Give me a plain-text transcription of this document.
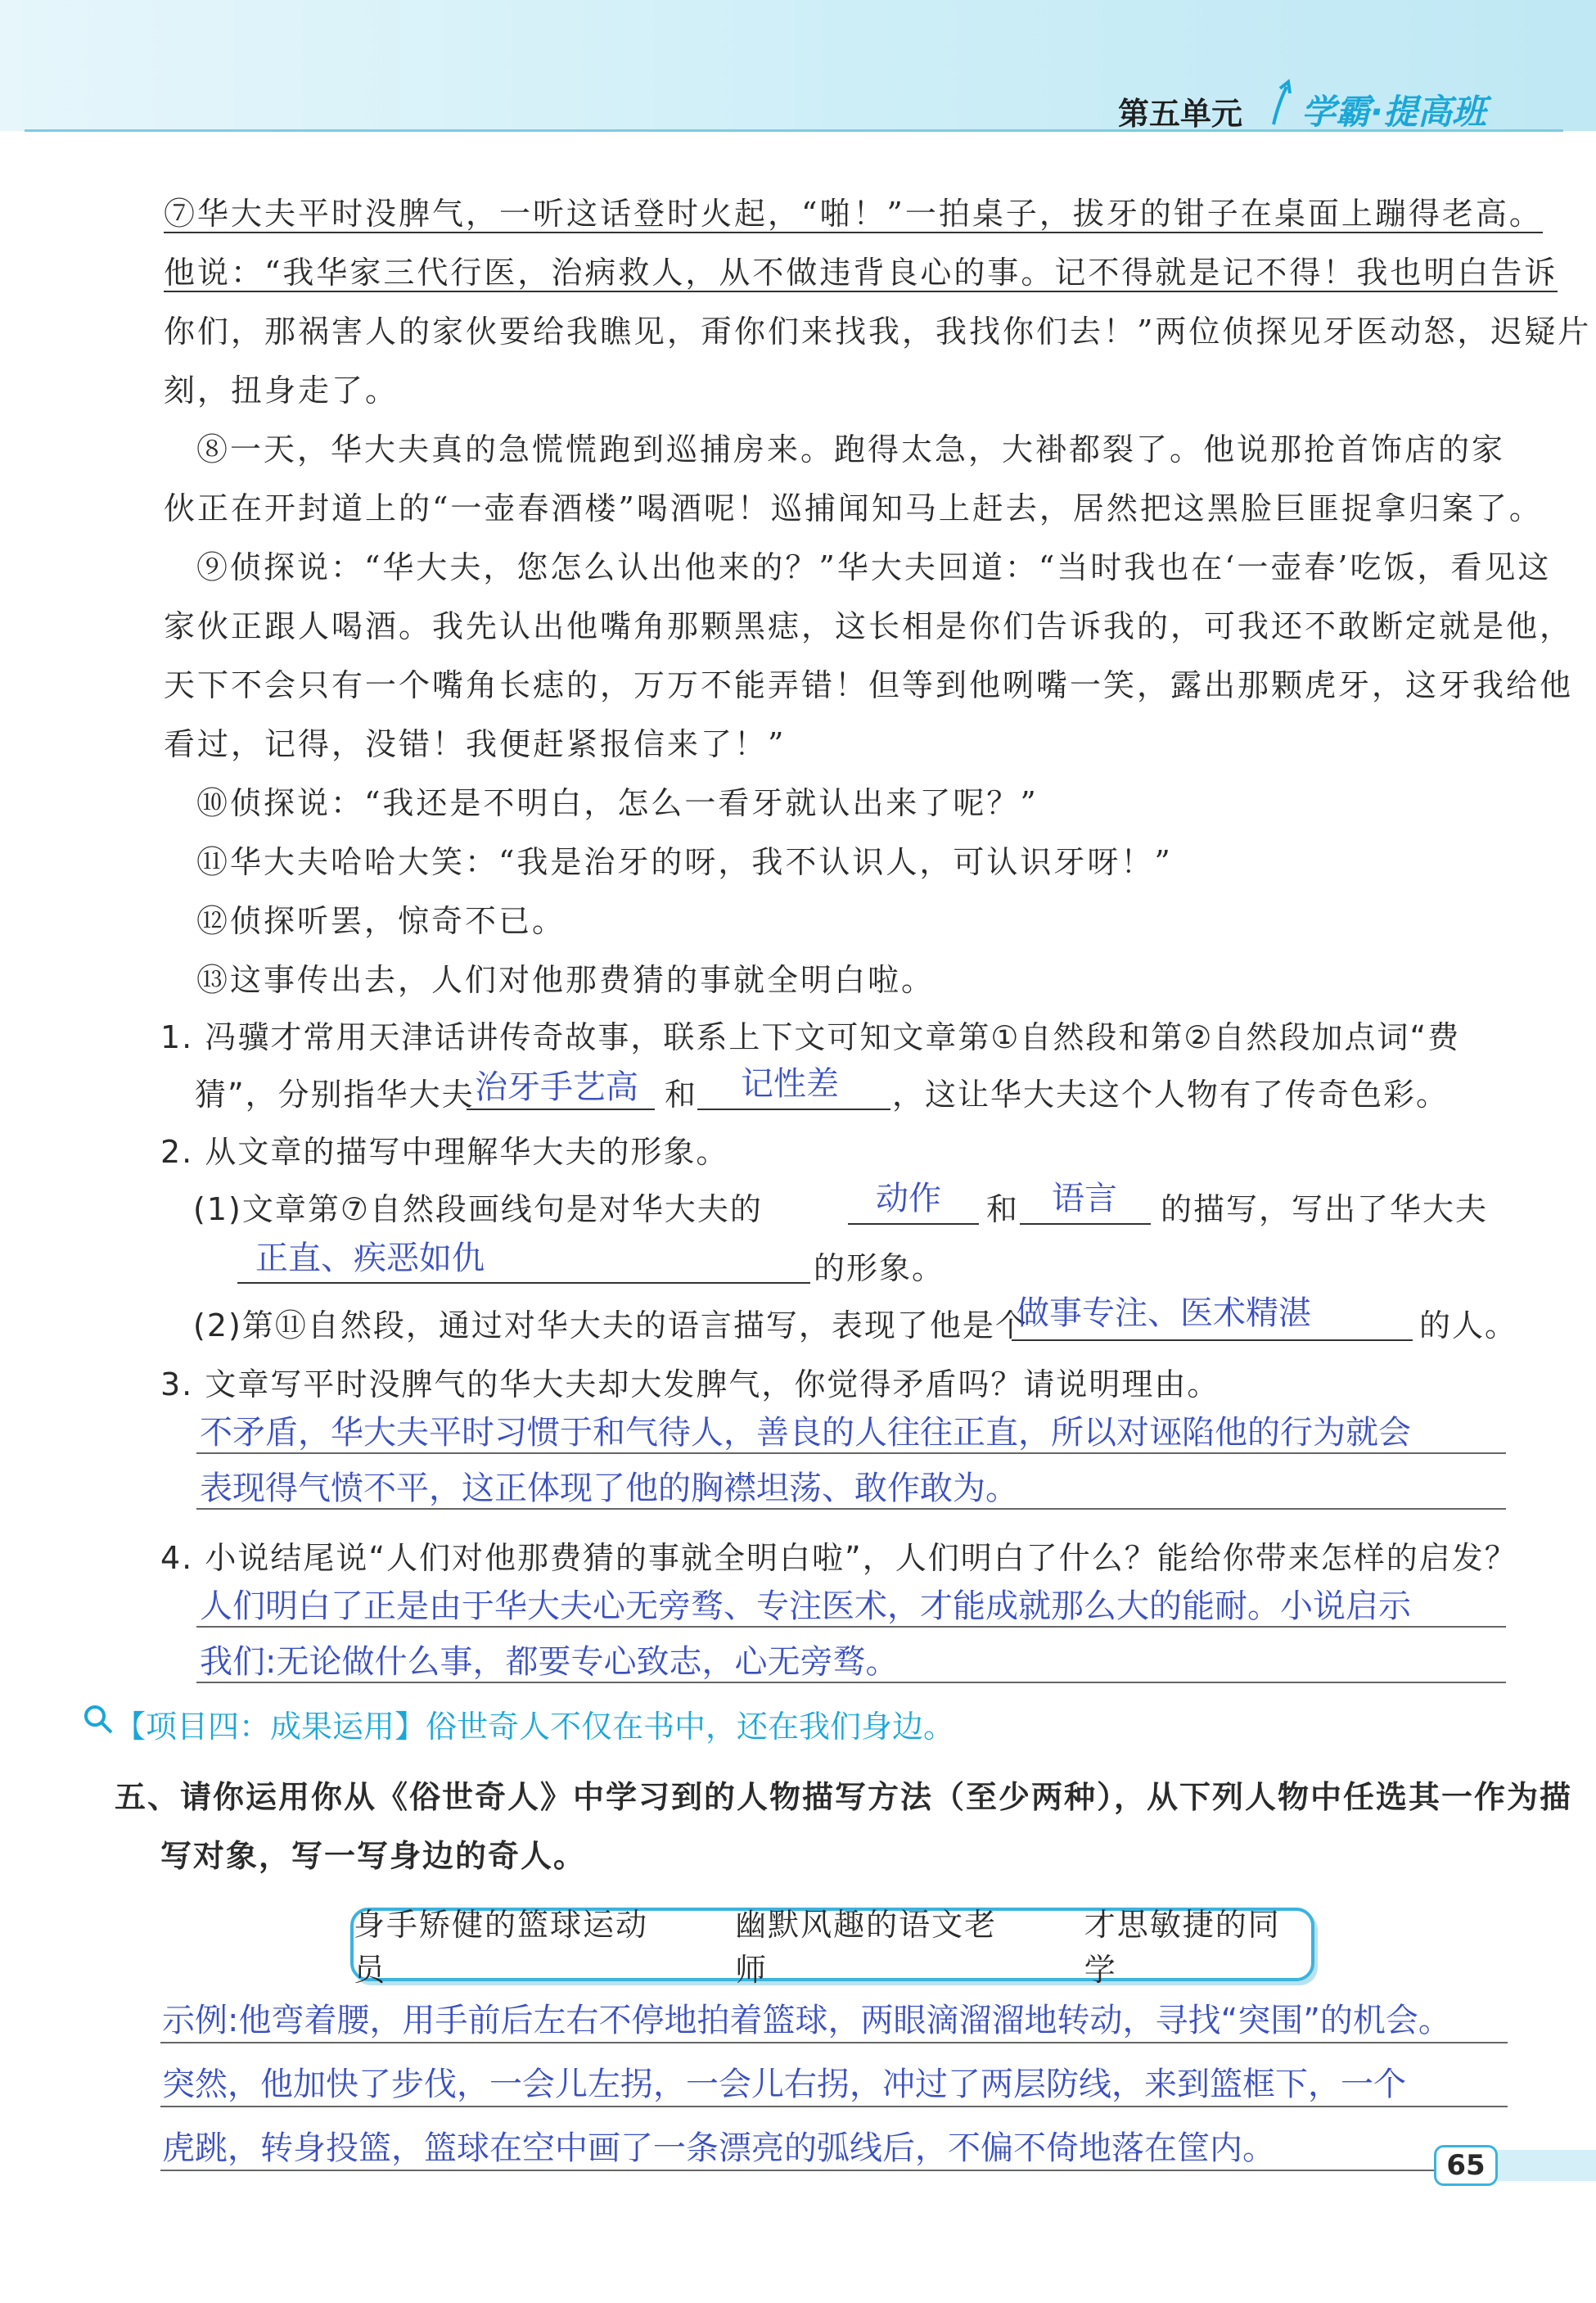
第五单元 学霸·提高班
⑦华大夫平时没脾气，一听这话登时火起，“啪！”一拍桌子，拔牙的钳子在桌面上蹦得老高。
他说：“我华家三代行医，治病救人，从不做违背良心的事。记不得就是记不得！我也明白告诉
你们，那祸害人的家伙要给我瞧见，甭你们来找我，我找你们去！”两位侦探见牙医动怒，迟疑片
刻，扭身走了。
⑧一天，华大夫真的急慌慌跑到巡捕房来。跑得太急，大褂都裂了。他说那抢首饰店的家
伙正在开封道上的“一壶春酒楼”喝酒呢！巡捕闻知马上赶去，居然把这黑脸巨匪捉拿归案了。
⑨侦探说：“华大夫，您怎么认出他来的？”华大夫回道：“当时我也在‘一壶春’吃饭，看见这
家伙正跟人喝酒。我先认出他嘴角那颗黑痣，这长相是你们告诉我的，可我还不敢断定就是他，
天下不会只有一个嘴角长痣的，万万不能弄错！但等到他咧嘴一笑，露出那颗虎牙，这牙我给他
看过，记得，没错！我便赶紧报信来了！”
⑩侦探说：“我还是不明白，怎么一看牙就认出来了呢？”
⑪华大夫哈哈大笑：“我是治牙的呀，我不认识人，可认识牙呀！”
⑫侦探听罢，惊奇不已。
⑬这事传出去，人们对他那费猜的事就全明白啦。
1. 冯骥才常用天津话讲传奇故事，联系上下文可知文章第①自然段和第②自然段加点词“费
猜”，分别指华大夫 治牙手艺高 和 记性差 ，这让华大夫这个人物有了传奇色彩。
2. 从文章的描写中理解华大夫的形象。
(1)文章第⑦自然段画线句是对华大夫的	动作 和 语言 的描写，写出了华大夫
正直、疾恶如仇	的形象。
(2)第⑪自然段，通过对华大夫的语言描写，表现了他是个
做事专注、医术精湛	的人。
3. 文章写平时没脾气的华大夫却大发脾气，你觉得矛盾吗？请说明理由。
不矛盾，华大夫平时习惯于和气待人，善良的人往往正直，所以对诬陷他的行为就会
表现得气愤不平，这正体现了他的胸襟坦荡、敢作敢为。
4. 小说结尾说“人们对他那费猜的事就全明白啦”，人们明白了什么？能给你带来怎样的启发？
人们明白了正是由于华大夫心无旁骛、专注医术，才能成就那么大的能耐。小说启示
我们:无论做什么事，都要专心致志，心无旁骛。
【项目四：成果运用】俗世奇人不仅在书中，还在我们身边。
五、请你运用你从《俗世奇人》中学习到的人物描写方法（至少两种），从下列人物中任选其一作为描
写对象，写一写身边的奇人。
身手矫健的篮球运动员
幽默风趣的语文老师
才思敏捷的同学
示例:他弯着腰，用手前后左右不停地拍着篮球，两眼滴溜溜地转动，寻找“突围”的机会。
突然，他加快了步伐，一会儿左拐，一会儿右拐，冲过了两层防线，来到篮框下，一个
虎跳，转身投篮，篮球在空中画了一条漂亮的弧线后，不偏不倚地落在筐内。	65
